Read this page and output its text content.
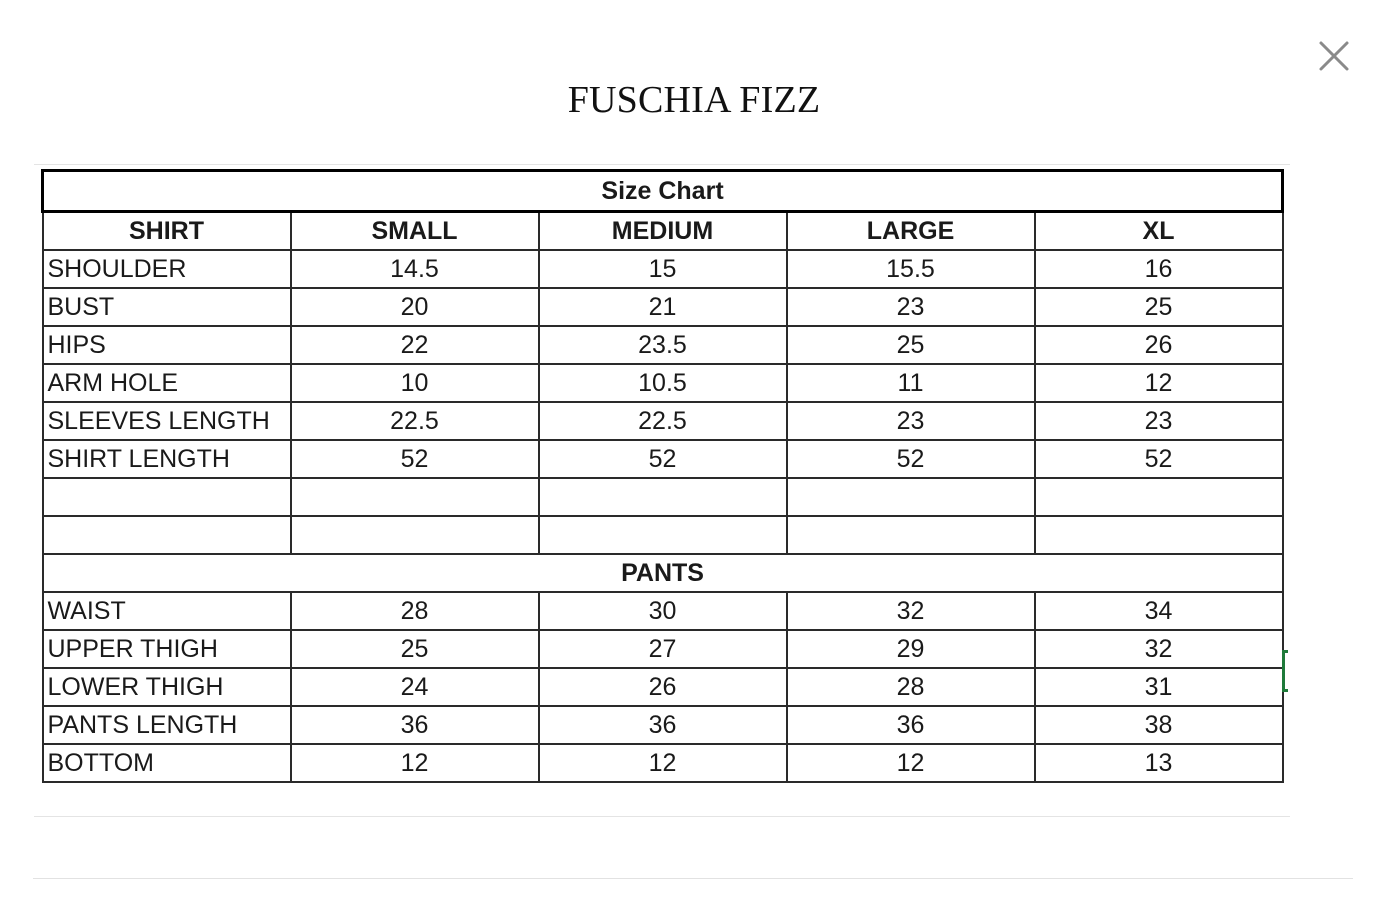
FUSCHIA FIZZ
Size Chart				
SHIRT	SMALL	MEDIUM	LARGE	XL
SHOULDER	14.5	15	15.5	16
BUST	20	21	23	25
HIPS	22	23.5	25	26
ARM HOLE	10	10.5	11	12
SLEEVES LENGTH	22.5	22.5	23	23
SHIRT LENGTH	52	52	52	52

PANTS				
WAIST	28	30	32	34
UPPER THIGH	25	27	29	32
LOWER THIGH	24	26	28	31
PANTS LENGTH	36	36	36	38
BOTTOM	12	12	12	13
